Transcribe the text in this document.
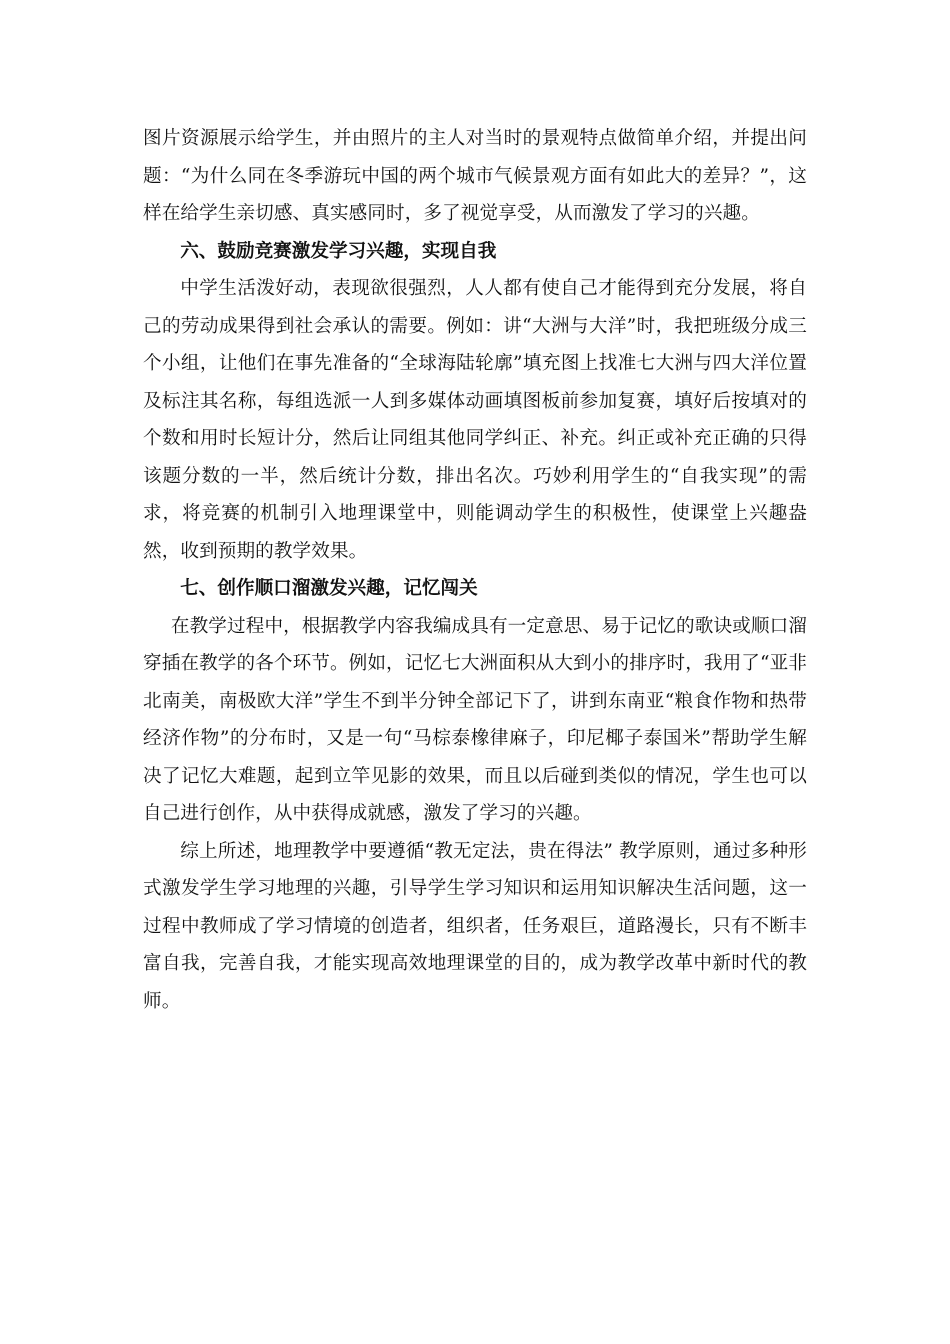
图片资源展示给学生，并由照片的主人对当时的景观特点做简单介绍，并提出问题：“为什么同在冬季游玩中国的两个城市气候景观方面有如此大的差异？”，这样在给学生亲切感、真实感同时，多了视觉享受，从而激发了学习的兴趣。

六、鼓励竞赛激发学习兴趣，实现自我

中学生活泼好动，表现欲很强烈，人人都有使自己才能得到充分发展，将自己的劳动成果得到社会承认的需要。例如：讲“大洲与大洋”时，我把班级分成三个小组，让他们在事先准备的“全球海陆轮廓”填充图上找准七大洲与四大洋位置及标注其名称，每组选派一人到多媒体动画填图板前参加复赛，填好后按填对的个数和用时长短计分，然后让同组其他同学纠正、补充。纠正或补充正确的只得该题分数的一半，然后统计分数，排出名次。巧妙利用学生的“自我实现”的需求，将竞赛的机制引入地理课堂中，则能调动学生的积极性，使课堂上兴趣盎然，收到预期的教学效果。

七、创作顺口溜激发兴趣，记忆闯关

在教学过程中，根据教学内容我编成具有一定意思、易于记忆的歌诀或顺口溜穿插在教学的各个环节。例如，记忆七大洲面积从大到小的排序时，我用了“亚非北南美，南极欧大洋”学生不到半分钟全部记下了，讲到东南亚“粮食作物和热带经济作物”的分布时，又是一句“马棕泰橡律麻子，印尼椰子泰国米”帮助学生解决了记忆大难题，起到立竿见影的效果，而且以后碰到类似的情况，学生也可以自己进行创作，从中获得成就感，激发了学习的兴趣。

综上所述，地理教学中要遵循“教无定法，贵在得法” 教学原则，通过多种形式激发学生学习地理的兴趣，引导学生学习知识和运用知识解决生活问题，这一过程中教师成了学习情境的创造者，组织者，任务艰巨，道路漫长，只有不断丰富自我，完善自我，才能实现高效地理课堂的目的，成为教学改革中新时代的教师。
